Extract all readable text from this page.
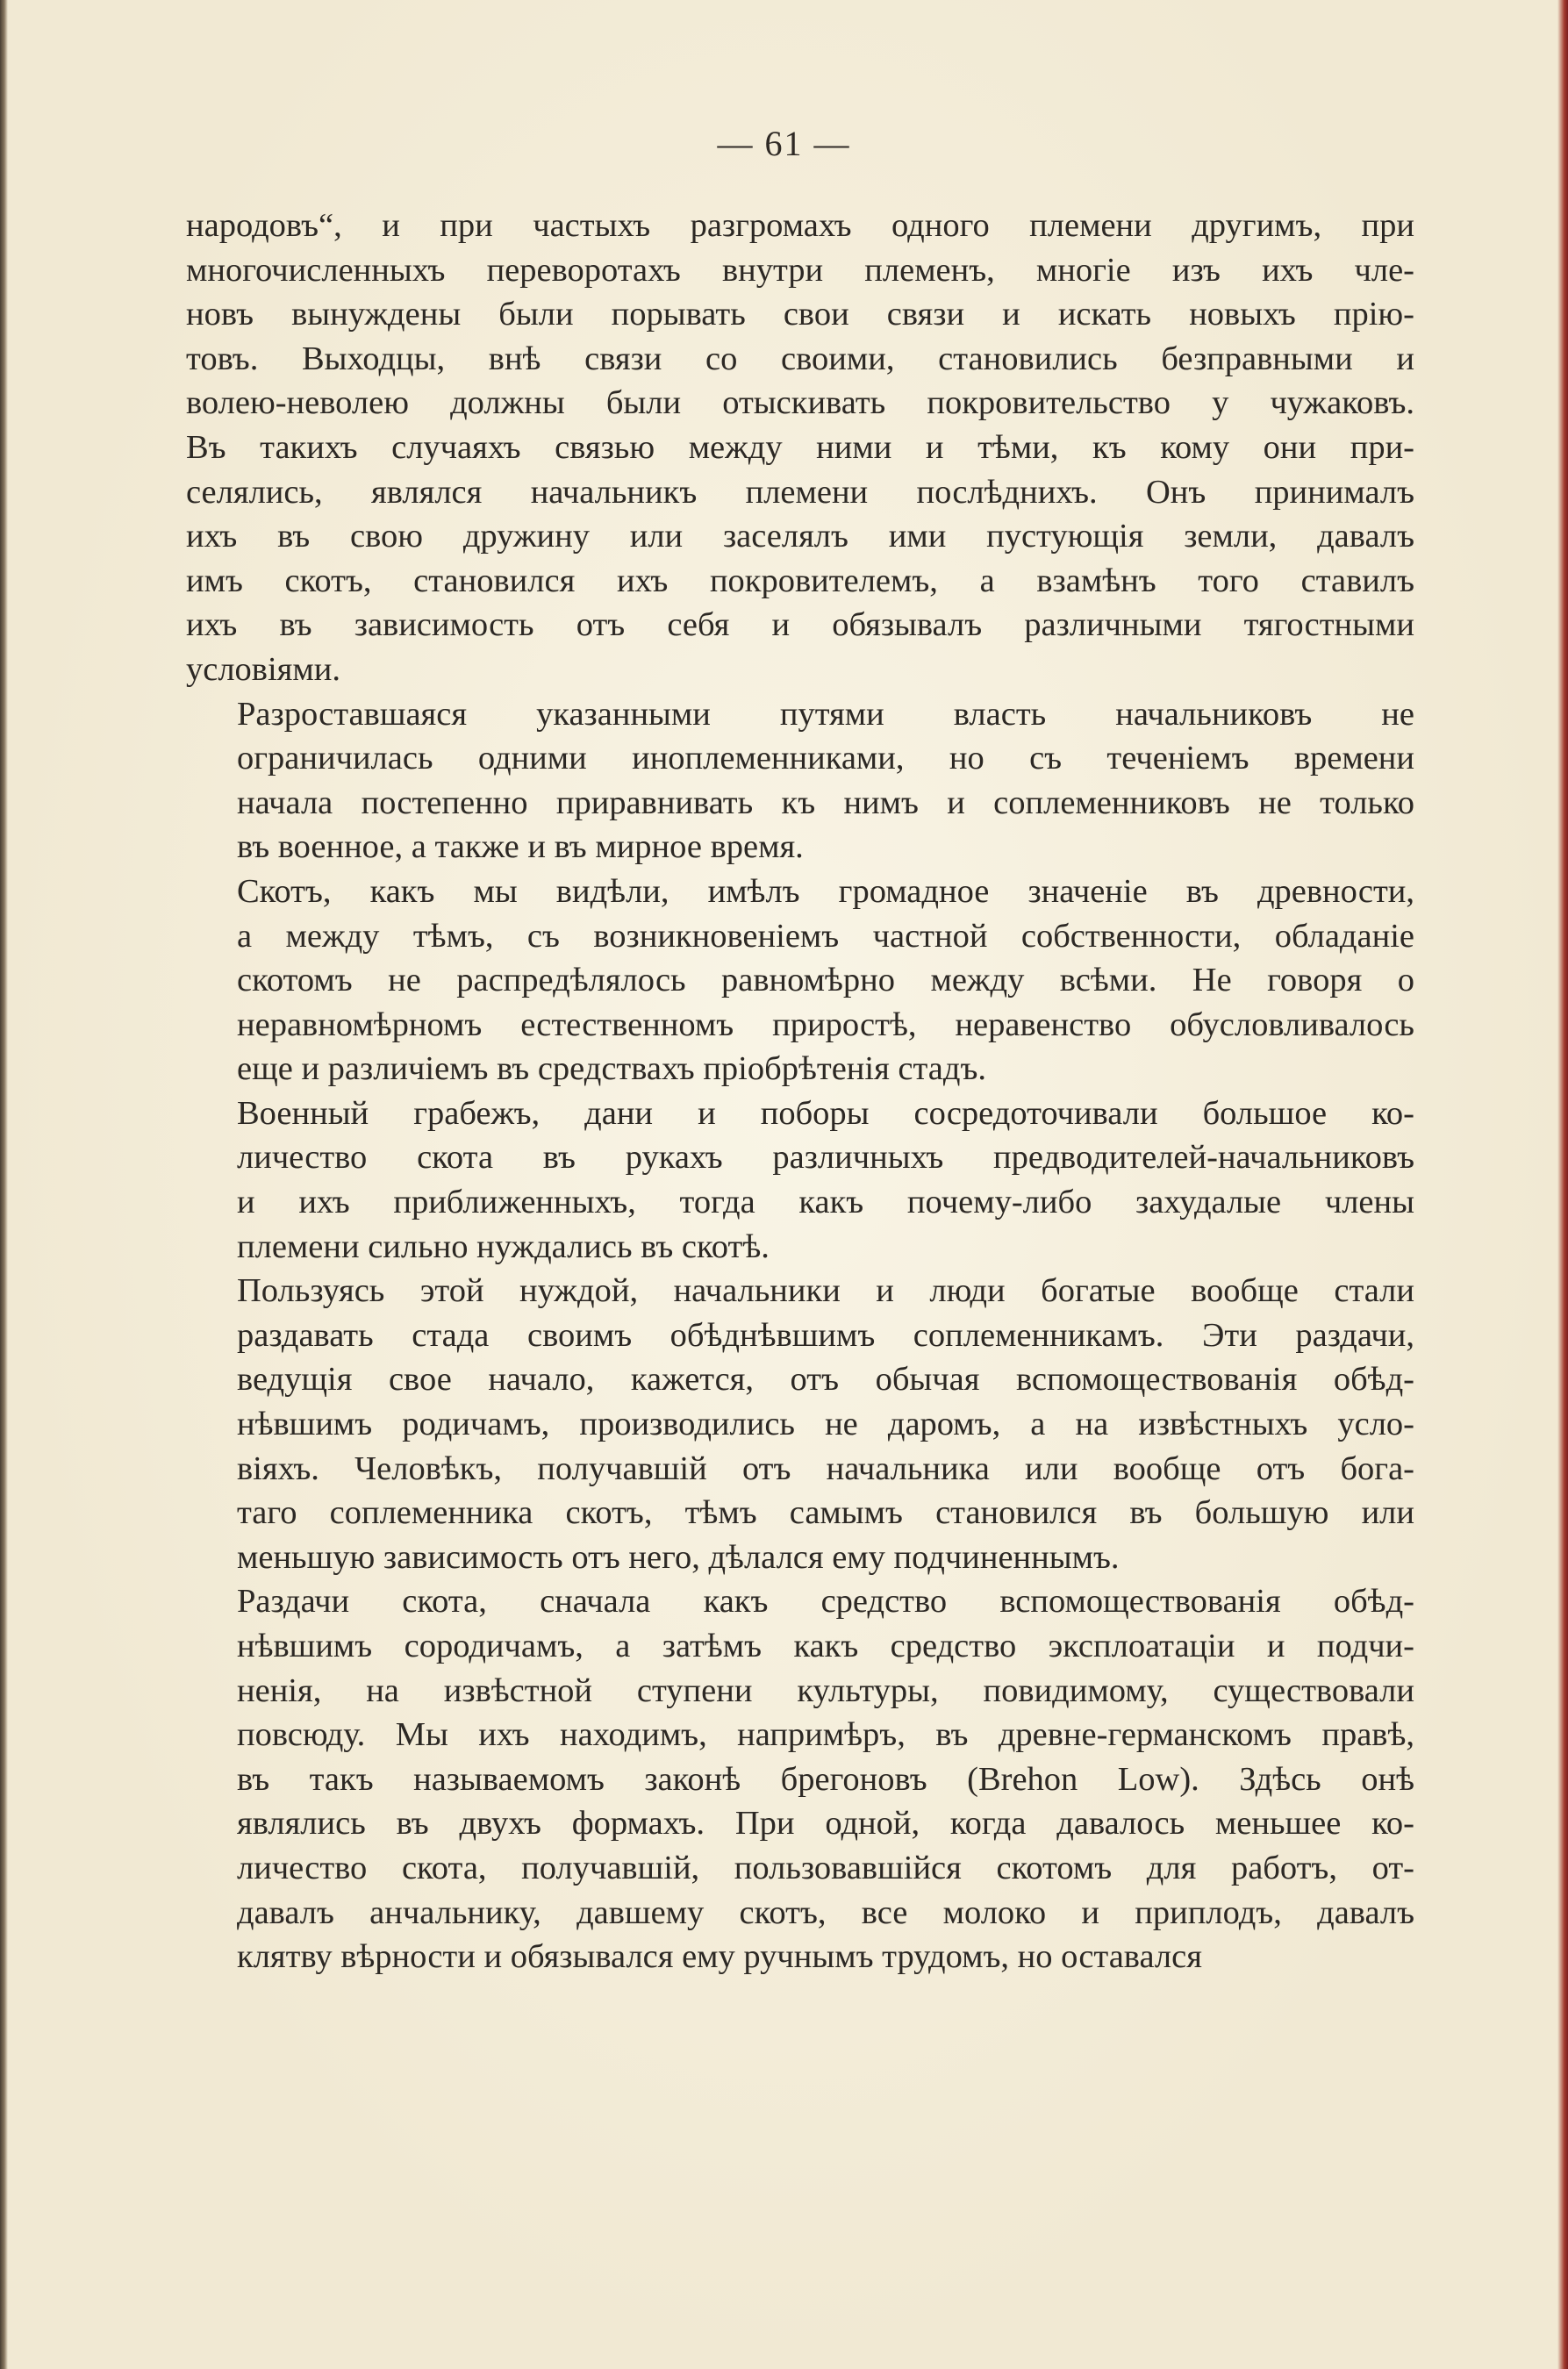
— 61 —
народовъ“, и при частыхъ разгромахъ одного племени другимъ, при
многочисленныхъ переворотахъ внутри племенъ, многіе изъ ихъ чле-
новъ вынуждены были порывать свои связи и искать новыхъ прію-
товъ. Выходцы, внѣ связи со своими, становились безправными и
волею-неволею должны были отыскивать покровительство у чужаковъ.
Въ такихъ случаяхъ связью между ними и тѣми, къ кому они при-
селялись, являлся начальникъ племени послѣднихъ. Онъ принималъ
ихъ въ свою дружину или заселялъ ими пустующія земли, давалъ
имъ скотъ, становился ихъ покровителемъ, а взамѣнъ того ставилъ
ихъ въ зависимость отъ себя и обязывалъ различными тягостными
условіями.
Разроставшаяся указанными путями власть начальниковъ не
ограничилась одними иноплеменниками, но съ теченіемъ времени
начала постепенно приравнивать къ нимъ и соплеменниковъ не только
въ военное, а также и въ мирное время.
Скотъ, какъ мы видѣли, имѣлъ громадное значеніе въ древности,
а между тѣмъ, съ возникновеніемъ частной собственности, обладаніе
скотомъ не распредѣлялось равномѣрно между всѣми. Не говоря о
неравномѣрномъ естественномъ приростѣ, неравенство обусловливалось
еще и различіемъ въ средствахъ пріобрѣтенія стадъ.
Военный грабежъ, дани и поборы сосредоточивали большое ко-
личество скота въ рукахъ различныхъ предводителей-начальниковъ
и ихъ приближенныхъ, тогда какъ почему-либо захудалые члены
племени сильно нуждались въ скотѣ.
Пользуясь этой нуждой, начальники и люди богатые вообще стали
раздавать стада своимъ обѣднѣвшимъ соплеменникамъ. Эти раздачи,
ведущія свое начало, кажется, отъ обычая вспомоществованія обѣд-
нѣвшимъ родичамъ, производились не даромъ, а на извѣстныхъ усло-
віяхъ. Человѣкъ, получавшій отъ начальника или вообще отъ бога-
таго соплеменника скотъ, тѣмъ самымъ становился въ большую или
меньшую зависимость отъ него, дѣлался ему подчиненнымъ.
Раздачи скота, сначала какъ средство вспомоществованія обѣд-
нѣвшимъ сородичамъ, а затѣмъ какъ средство эксплоатаціи и подчи-
ненія, на извѣстной ступени культуры, повидимому, существовали
повсюду. Мы ихъ находимъ, напримѣръ, въ древне-германскомъ правѣ,
въ такъ называемомъ законѣ брегоновъ (Brehon Low). Здѣсь онѣ
являлись въ двухъ формахъ. При одной, когда давалось меньшее ко-
личество скота, получавшій, пользовавшійся скотомъ для работъ, от-
давалъ анчальнику, давшему скотъ, все молоко и приплодъ, давалъ
клятву вѣрности и обязывался ему ручнымъ трудомъ, но оставался
